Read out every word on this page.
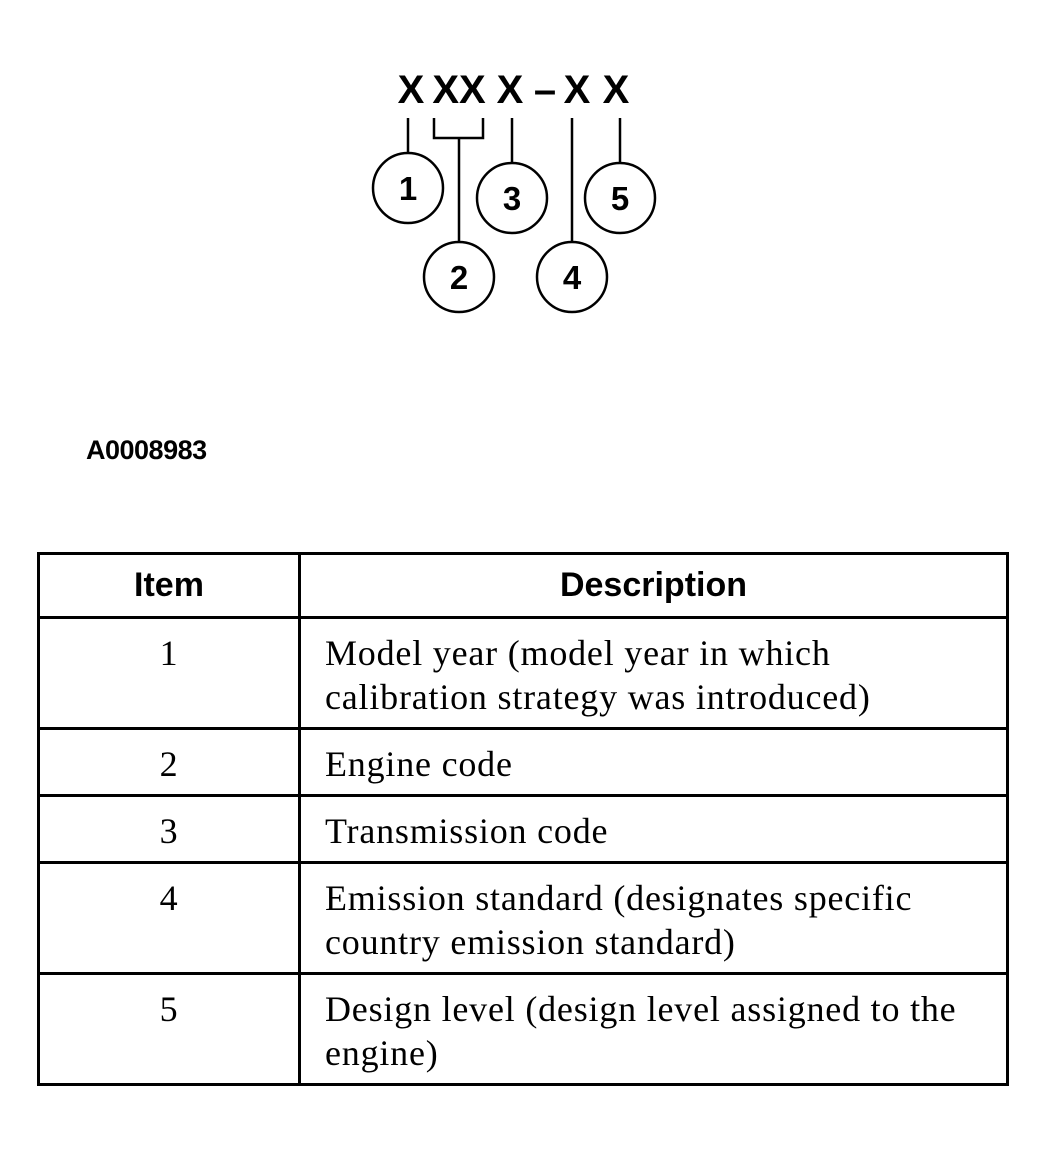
X XX X – X X
1
2
3
4
5
A0008983
Item	Description
1	Model year (model year in which calibration strategy was introduced)
2	Engine code
3	Transmission code
4	Emission standard (designates specific country emission standard)
5	Design level (design level assigned to the engine)
